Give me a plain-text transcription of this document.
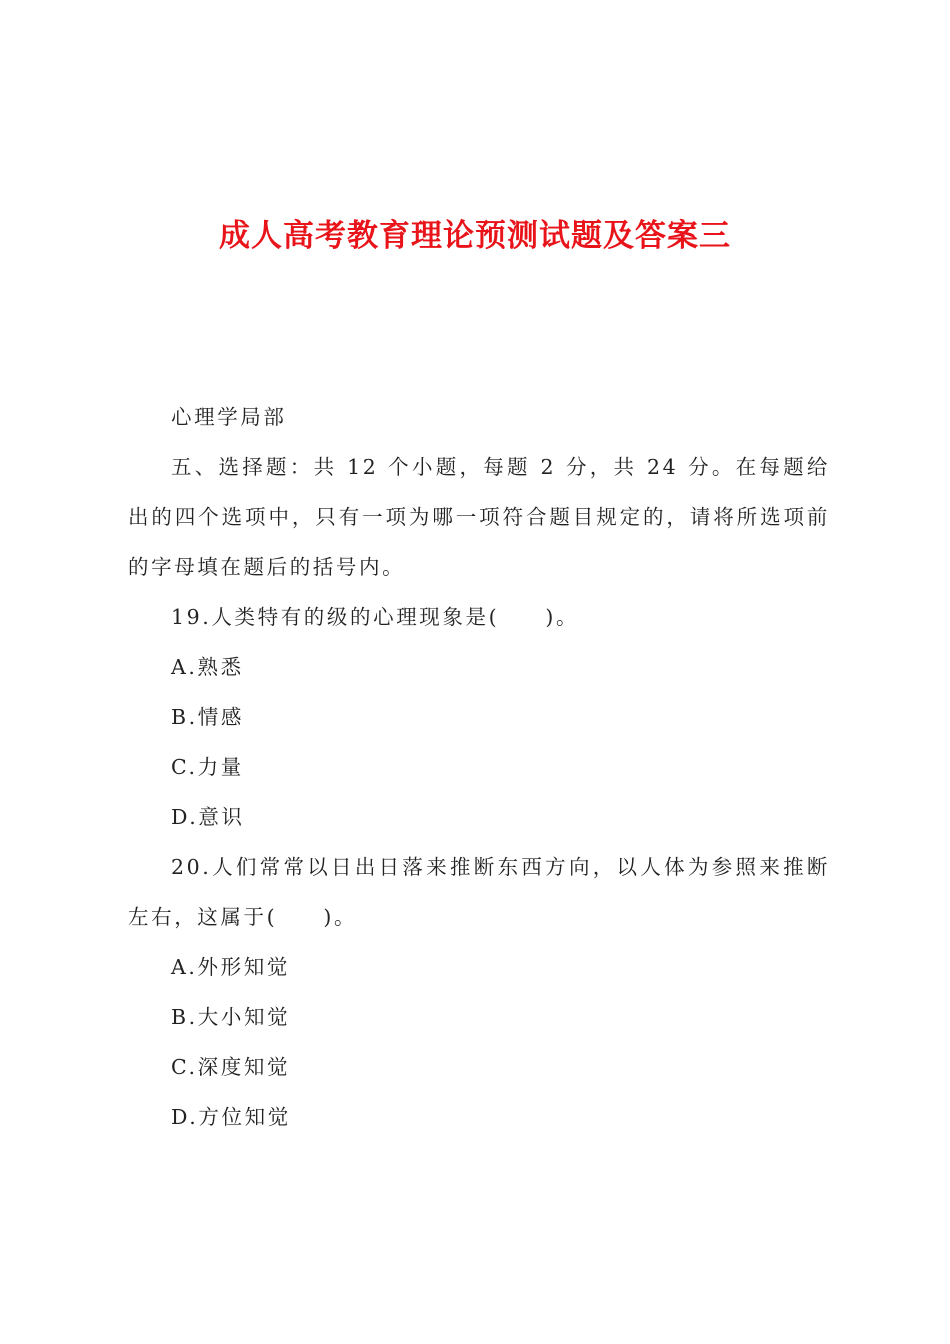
成人高考教育理论预测试题及答案三

心理学局部

五、选择题：共 12 个小题，每题 2 分，共 24 分。在每题给出的四个选项中，只有一项为哪一项符合题目规定的，请将所选项前的字母填在题后的括号内。

19.人类特有的级的心理现象是(　　)。

A.熟悉

B.情感

C.力量

D.意识

20.人们常常以日出日落来推断东西方向，以人体为参照来推断左右，这属于(　　)。

A.外形知觉

B.大小知觉

C.深度知觉

D.方位知觉
